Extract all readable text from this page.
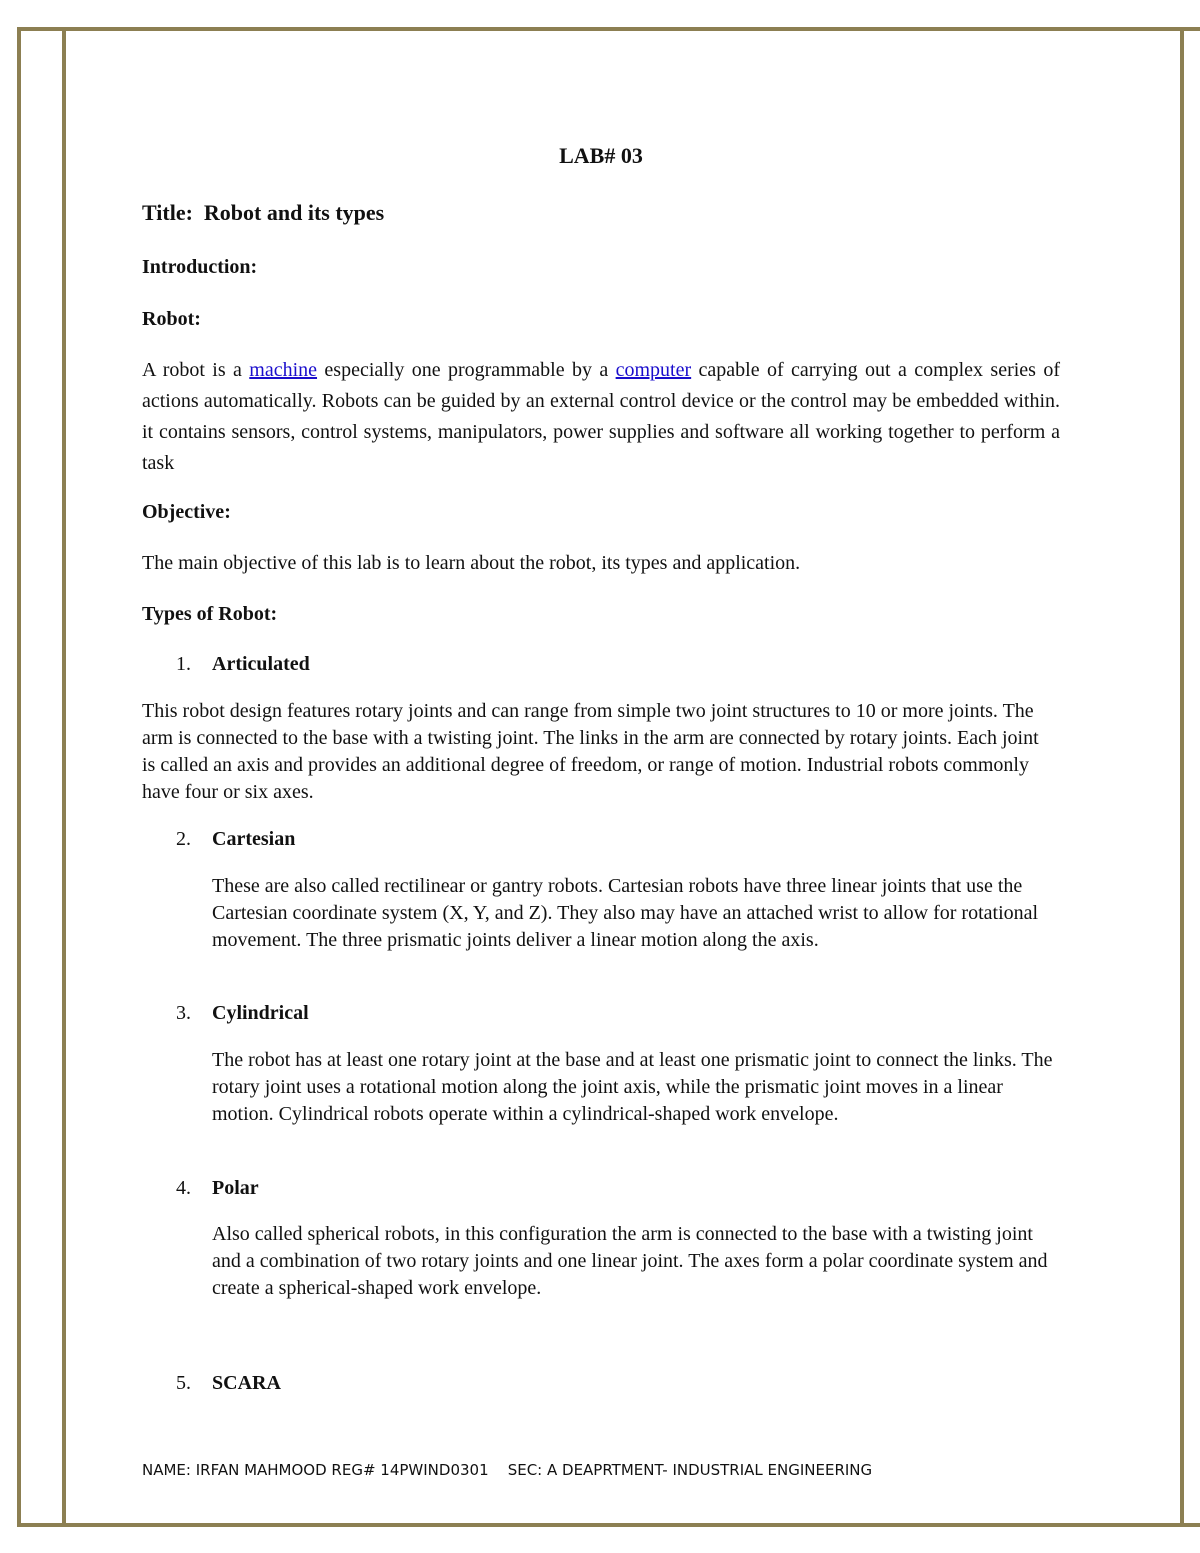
LAB# 03
Title: Robot and its types
Introduction:
Robot:
A robot is a machine especially one programmable by a computer capable of carrying out a complex series of actions automatically. Robots can be guided by an external control device or the control may be embedded within. it contains sensors, control systems, manipulators, power supplies and software all working together to perform a task
Objective:
The main objective of this lab is to learn about the robot, its types and application.
Types of Robot:
1. Articulated
This robot design features rotary joints and can range from simple two joint structures to 10 or more joints. The arm is connected to the base with a twisting joint. The links in the arm are connected by rotary joints. Each joint is called an axis and provides an additional degree of freedom, or range of motion. Industrial robots commonly have four or six axes.
2. Cartesian
These are also called rectilinear or gantry robots. Cartesian robots have three linear joints that use the Cartesian coordinate system (X, Y, and Z). They also may have an attached wrist to allow for rotational movement. The three prismatic joints deliver a linear motion along the axis.
3. Cylindrical
The robot has at least one rotary joint at the base and at least one prismatic joint to connect the links. The rotary joint uses a rotational motion along the joint axis, while the prismatic joint moves in a linear motion. Cylindrical robots operate within a cylindrical-shaped work envelope.
4. Polar
Also called spherical robots, in this configuration the arm is connected to the base with a twisting joint and a combination of two rotary joints and one linear joint. The axes form a polar coordinate system and create a spherical-shaped work envelope.
5. SCARA
NAME: IRFAN MAHMOOD REG# 14PWIND0301    SEC: A DEAPRTMENT- INDUSTRIAL ENGINEERING
